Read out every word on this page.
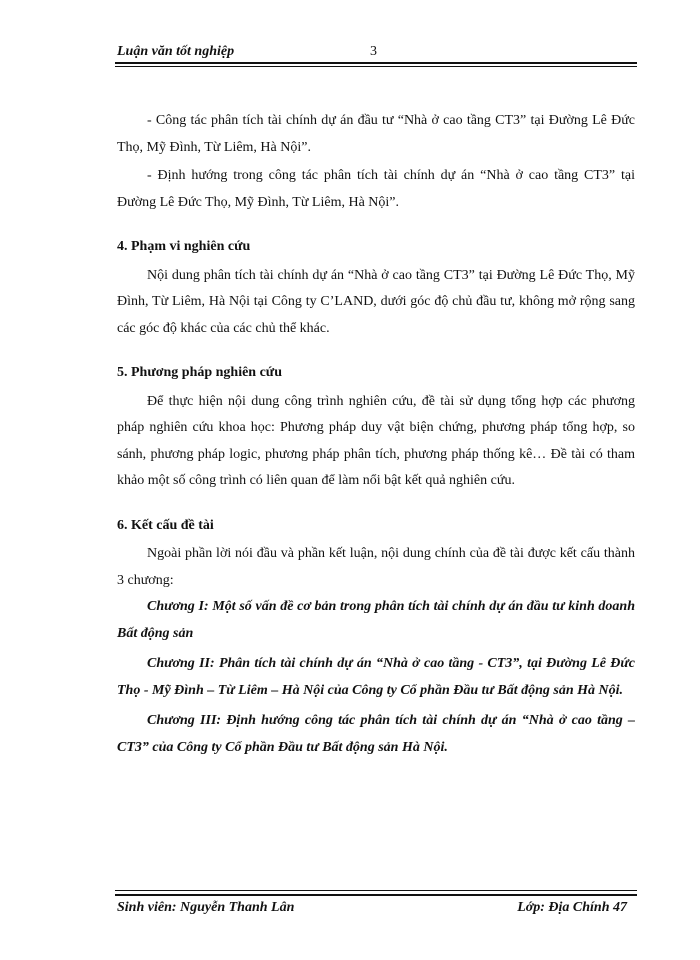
Luận văn tốt nghiệp	3

- Công tác phân tích tài chính dự án đầu tư “Nhà ở cao tầng CT3” tại Đường Lê Đức Thọ, Mỹ Đình, Từ Liêm, Hà Nội”.

- Định hướng trong công tác phân tích tài chính dự án “Nhà ở cao tầng CT3” tại Đường Lê Đức Thọ, Mỹ Đình, Từ Liêm, Hà Nội”.

4. Phạm vi nghiên cứu

Nội dung phân tích tài chính dự án “Nhà ở cao tầng CT3” tại Đường Lê Đức Thọ, Mỹ Đình, Từ Liêm, Hà Nội tại Công ty C’LAND, dưới góc độ chủ đầu tư, không mở rộng sang các góc độ khác của các chủ thể khác.

5. Phương pháp nghiên cứu

Để thực hiện nội dung công trình nghiên cứu, đề tài sử dụng tổng hợp các phương pháp nghiên cứu khoa học: Phương pháp duy vật biện chứng, phương pháp tổng hợp, so sánh, phương pháp logic, phương pháp phân tích, phương pháp thống kê… Đề tài có tham khảo một số công trình có liên quan để làm nổi bật kết quả nghiên cứu.

6. Kết cấu đề tài

Ngoài phần lời nói đầu và phần kết luận, nội dung chính của đề tài được kết cấu thành 3 chương:

Chương I: Một số vấn đề cơ bản trong phân tích tài chính dự án đầu tư kinh doanh Bất động sản

Chương II: Phân tích tài chính dự án “Nhà ở cao tầng - CT3”, tại Đường Lê Đức Thọ - Mỹ Đình – Từ Liêm – Hà Nội của Công ty Cổ phần Đầu tư Bất động sản Hà Nội.

Chương III: Định hướng công tác phân tích tài chính dự án “Nhà ở cao tầng – CT3” của Công ty Cổ phần Đầu tư Bất động sản Hà Nội.

Sinh viên: Nguyễn Thanh Lân	Lớp: Địa Chính 47
